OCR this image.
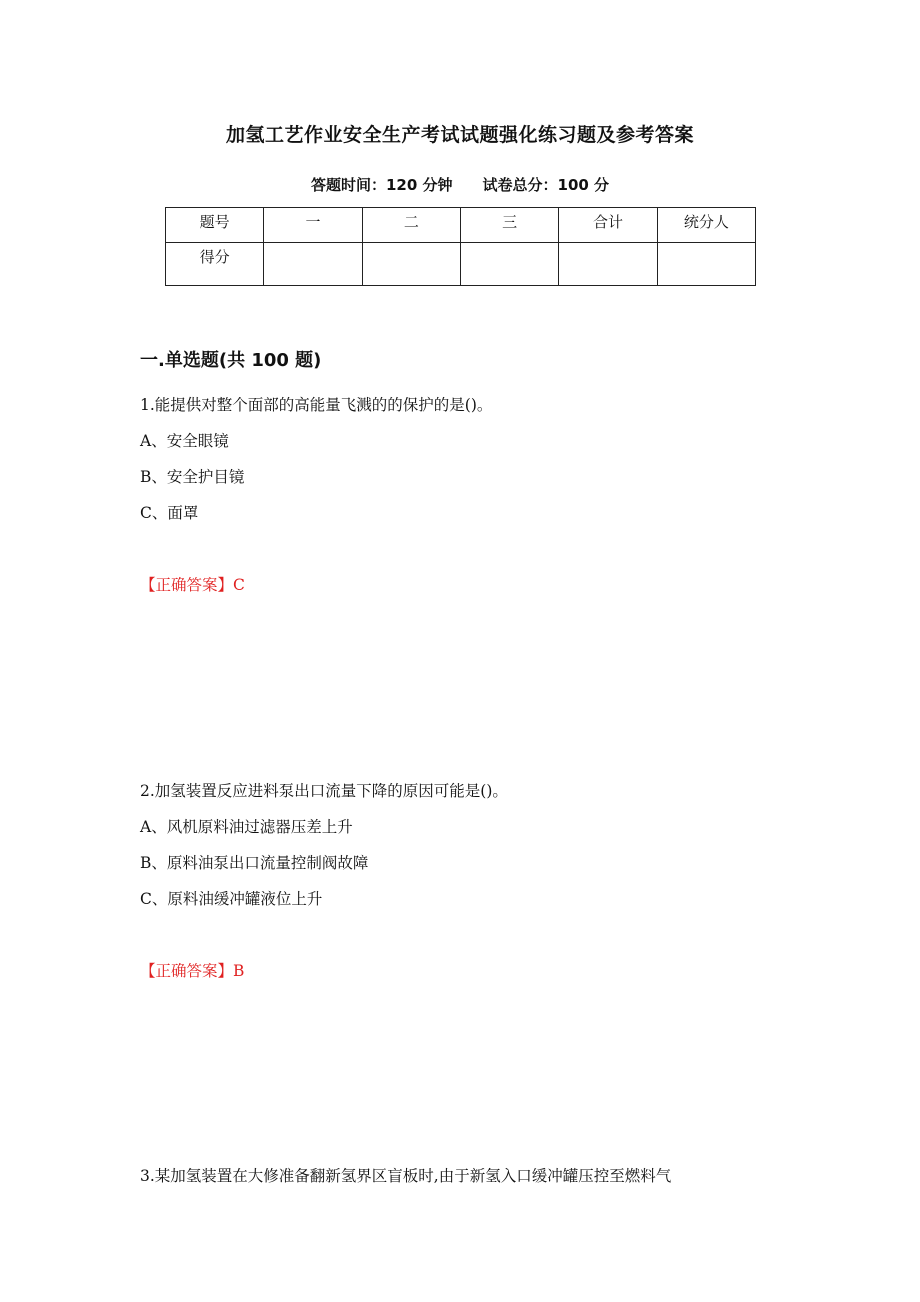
加氢工艺作业安全生产考试试题强化练习题及参考答案
答题时间：120 分钟 试卷总分：100 分
题号	一	二	三	合计	统分人
得分					
一.单选题(共 100 题)
1.能提供对整个面部的高能量飞溅的的保护的是()。
A、安全眼镜
B、安全护目镜
C、面罩
【正确答案】C
2.加氢装置反应进料泵出口流量下降的原因可能是()。
A、风机原料油过滤器压差上升
B、原料油泵出口流量控制阀故障
C、原料油缓冲罐液位上升
【正确答案】B
3.某加氢装置在大修准备翻新氢界区盲板时,由于新氢入口缓冲罐压控至燃料气
